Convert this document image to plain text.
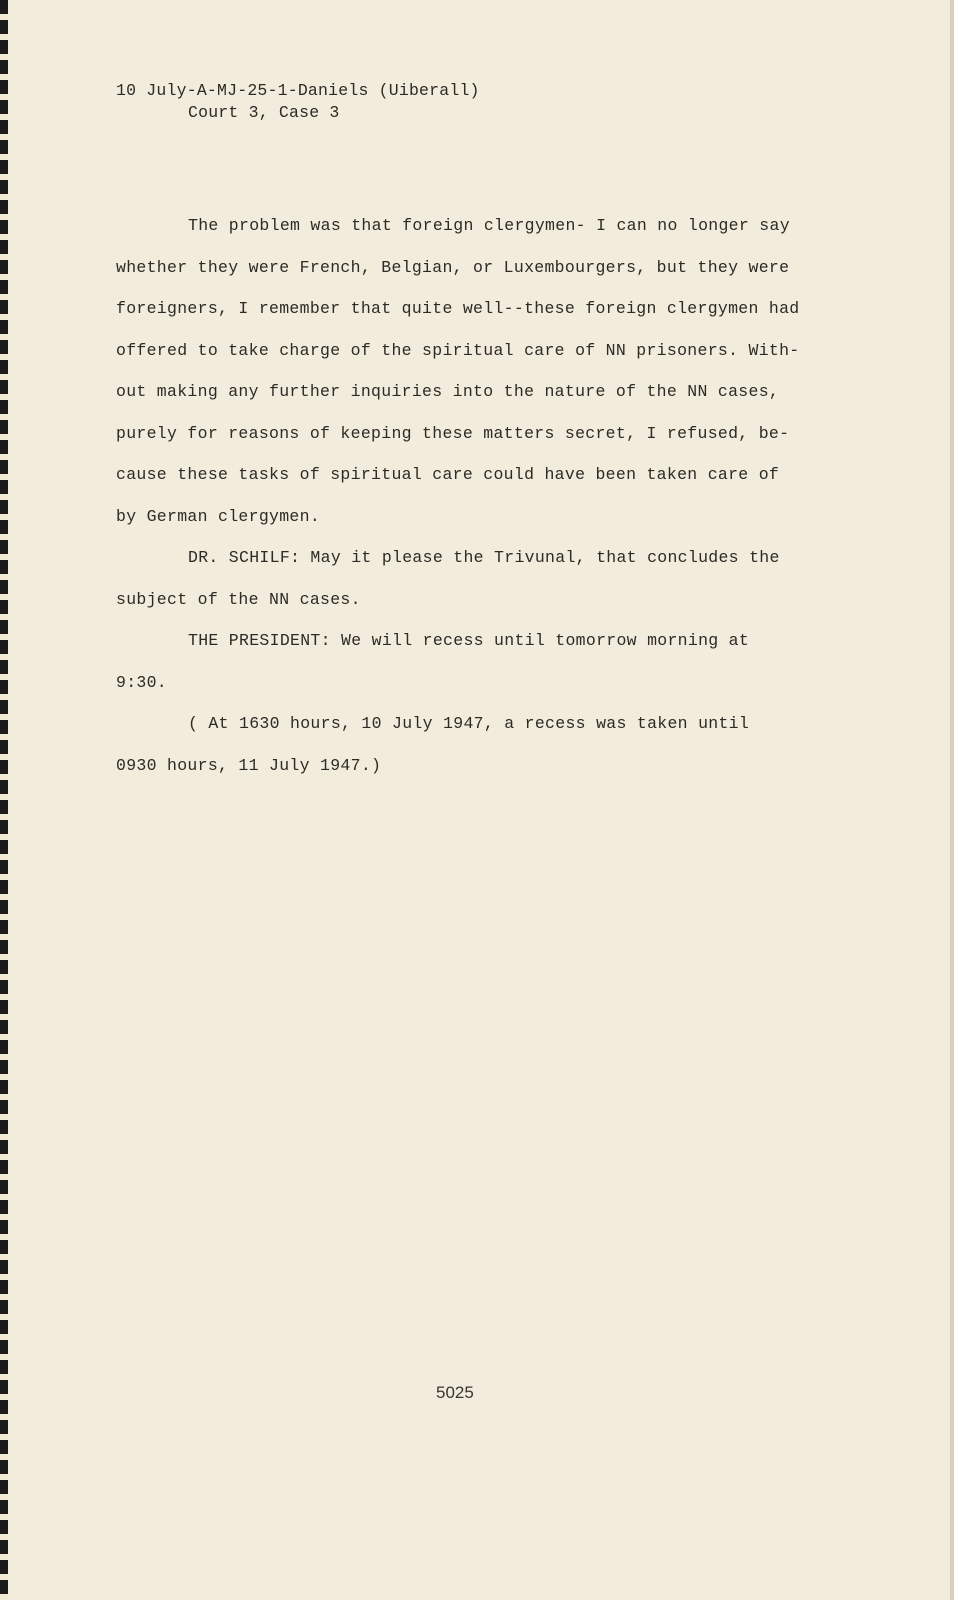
10 July-A-MJ-25-1-Daniels (Uiberall)
Court 3, Case 3
The problem was that foreign clergymen- I can no longer say
whether they were French, Belgian, or Luxembourgers, but they were
foreigners, I remember that quite well--these foreign clergymen had
offered to take charge of the spiritual care of NN prisoners. With-
out making any further inquiries into the nature of the NN cases,
purely for reasons of keeping these matters secret, I refused, be-
cause these tasks of spiritual care could have been taken care of
by German clergymen.
DR. SCHILF: May it please the Trivunal, that concludes the
subject of the NN cases.
THE PRESIDENT: We will recess until tomorrow morning at
9:30.
( At 1630 hours, 10 July 1947, a recess was taken until
0930 hours, 11 July 1947.)
5025
